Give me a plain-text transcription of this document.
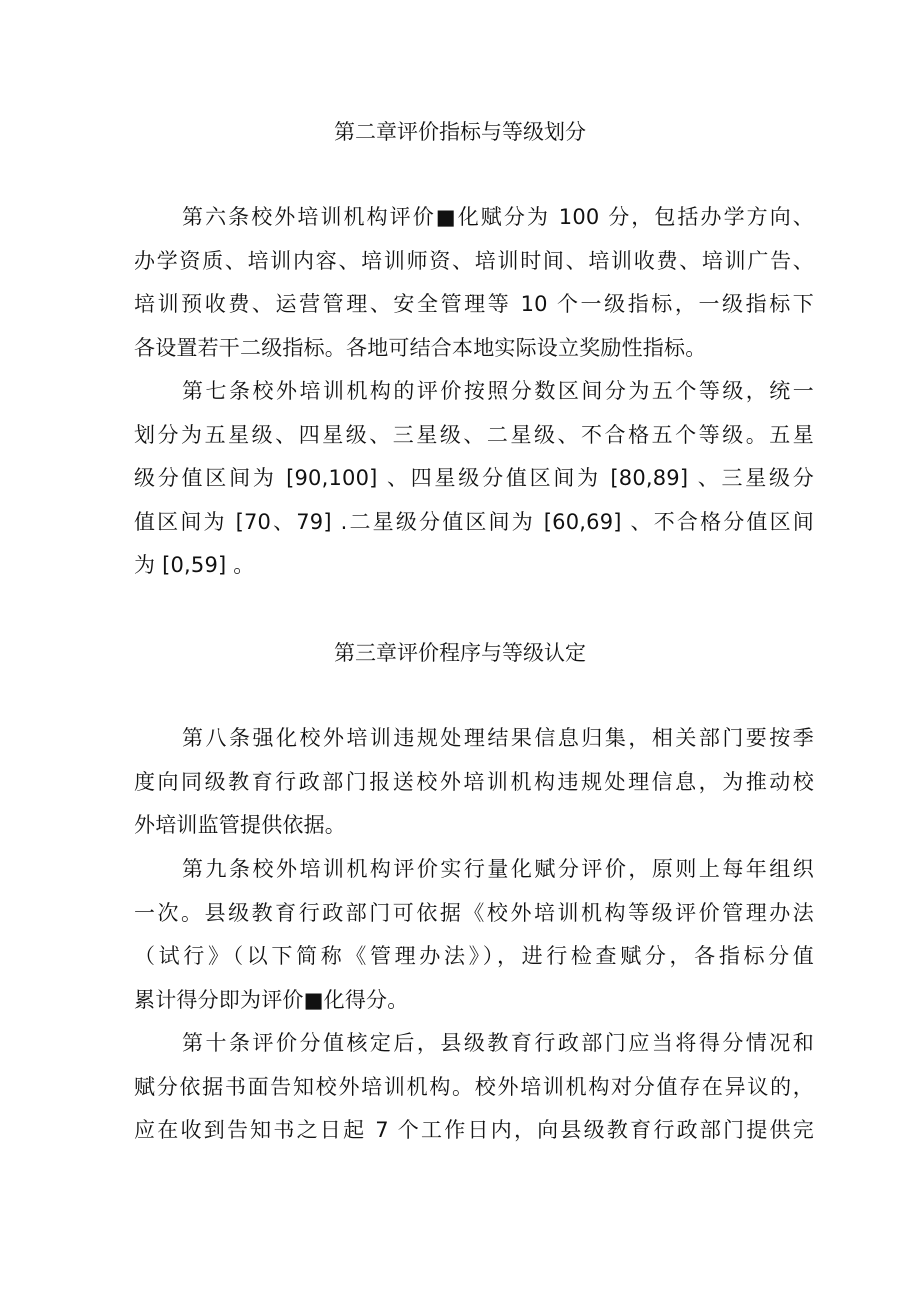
第二章评价指标与等级划分
第六条校外培训机构评价■化赋分为 100 分，包括办学方向、
办学资质、培训内容、培训师资、培训时间、培训收费、培训广告、
培训预收费、运营管理、安全管理等 10 个一级指标，一级指标下
各设置若干二级指标。各地可结合本地实际设立奖励性指标。
第七条校外培训机构的评价按照分数区间分为五个等级，统一
划分为五星级、四星级、三星级、二星级、不合格五个等级。五星
级分值区间为 [90,100] 、四星级分值区间为 [80,89] 、三星级分
值区间为 [70、79] .二星级分值区间为 [60,69] 、不合格分值区间
为 [0,59] 。
第三章评价程序与等级认定
第八条强化校外培训违规处理结果信息归集，相关部门要按季
度向同级教育行政部门报送校外培训机构违规处理信息，为推动校
外培训监管提供依据。
第九条校外培训机构评价实行量化赋分评价，原则上每年组织
一次。县级教育行政部门可依据《校外培训机构等级评价管理办法
（试行》（以下简称《管理办法》），进行检查赋分，各指标分值
累计得分即为评价■化得分。
第十条评价分值核定后，县级教育行政部门应当将得分情况和
赋分依据书面告知校外培训机构。校外培训机构对分值存在异议的，
应在收到告知书之日起 7 个工作日内，向县级教育行政部门提供完
